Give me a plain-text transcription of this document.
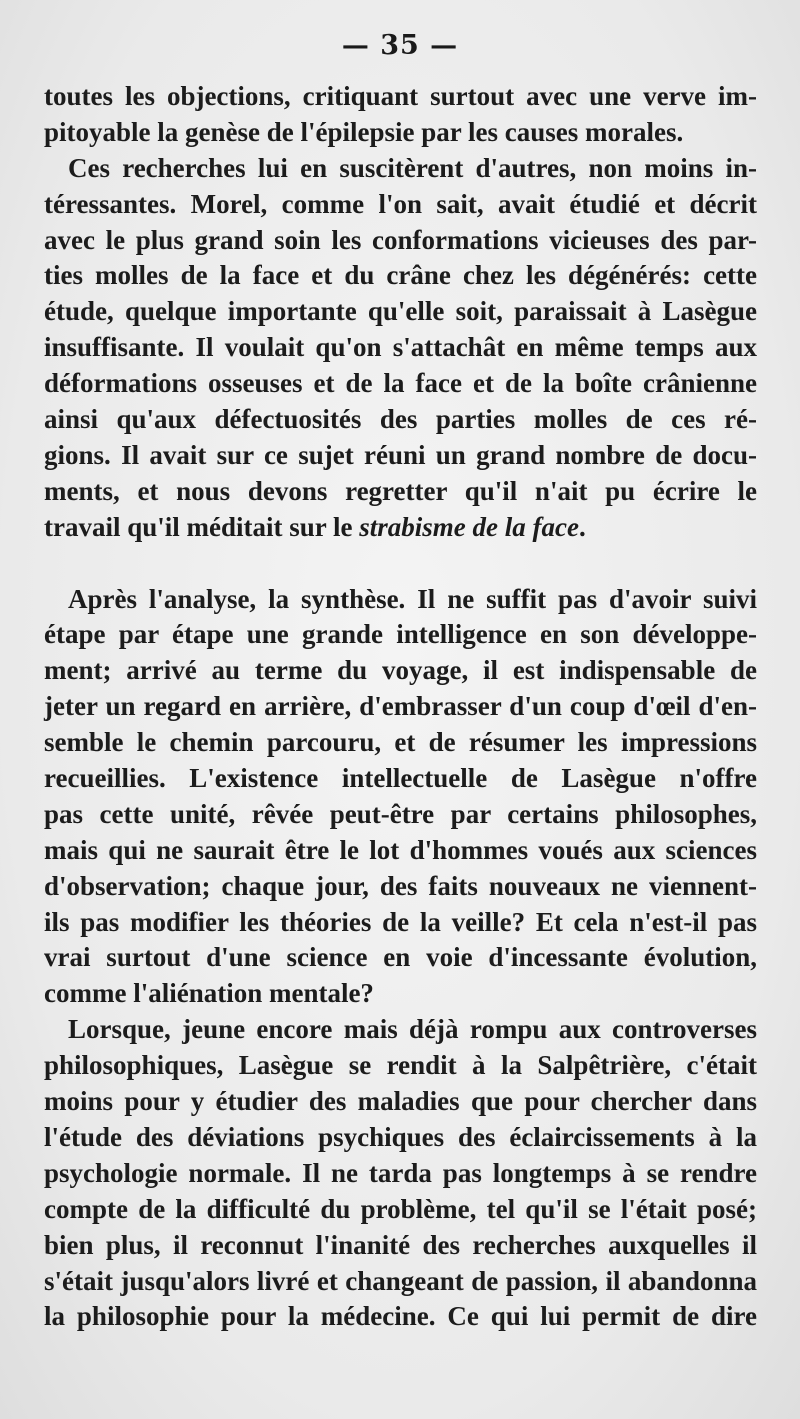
— 35 —
toutes les objections, critiquant surtout avec une verve im-
pitoyable la genèse de l'épilepsie par les causes morales.
Ces recherches lui en suscitèrent d'autres, non moins in-
téressantes. Morel, comme l'on sait, avait étudié et décrit
avec le plus grand soin les conformations vicieuses des par-
ties molles de la face et du crâne chez les dégénérés: cette
étude, quelque importante qu'elle soit, paraissait à Lasègue
insuffisante. Il voulait qu'on s'attachât en même temps aux
déformations osseuses et de la face et de la boîte crânienne
ainsi qu'aux défectuosités des parties molles de ces ré-
gions. Il avait sur ce sujet réuni un grand nombre de docu-
ments, et nous devons regretter qu'il n'ait pu écrire le
travail qu'il méditait sur le strabisme de la face.
Après l'analyse, la synthèse. Il ne suffit pas d'avoir suivi
étape par étape une grande intelligence en son développe-
ment; arrivé au terme du voyage, il est indispensable de
jeter un regard en arrière, d'embrasser d'un coup d'œil d'en-
semble le chemin parcouru, et de résumer les impressions
recueillies. L'existence intellectuelle de Lasègue n'offre
pas cette unité, rêvée peut-être par certains philosophes,
mais qui ne saurait être le lot d'hommes voués aux sciences
d'observation; chaque jour, des faits nouveaux ne viennent-
ils pas modifier les théories de la veille? Et cela n'est-il pas
vrai surtout d'une science en voie d'incessante évolution,
comme l'aliénation mentale?
Lorsque, jeune encore mais déjà rompu aux controverses
philosophiques, Lasègue se rendit à la Salpêtrière, c'était
moins pour y étudier des maladies que pour chercher dans
l'étude des déviations psychiques des éclaircissements à la
psychologie normale. Il ne tarda pas longtemps à se rendre
compte de la difficulté du problème, tel qu'il se l'était posé;
bien plus, il reconnut l'inanité des recherches auxquelles il
s'était jusqu'alors livré et changeant de passion, il abandonna
la philosophie pour la médecine. Ce qui lui permit de dire
